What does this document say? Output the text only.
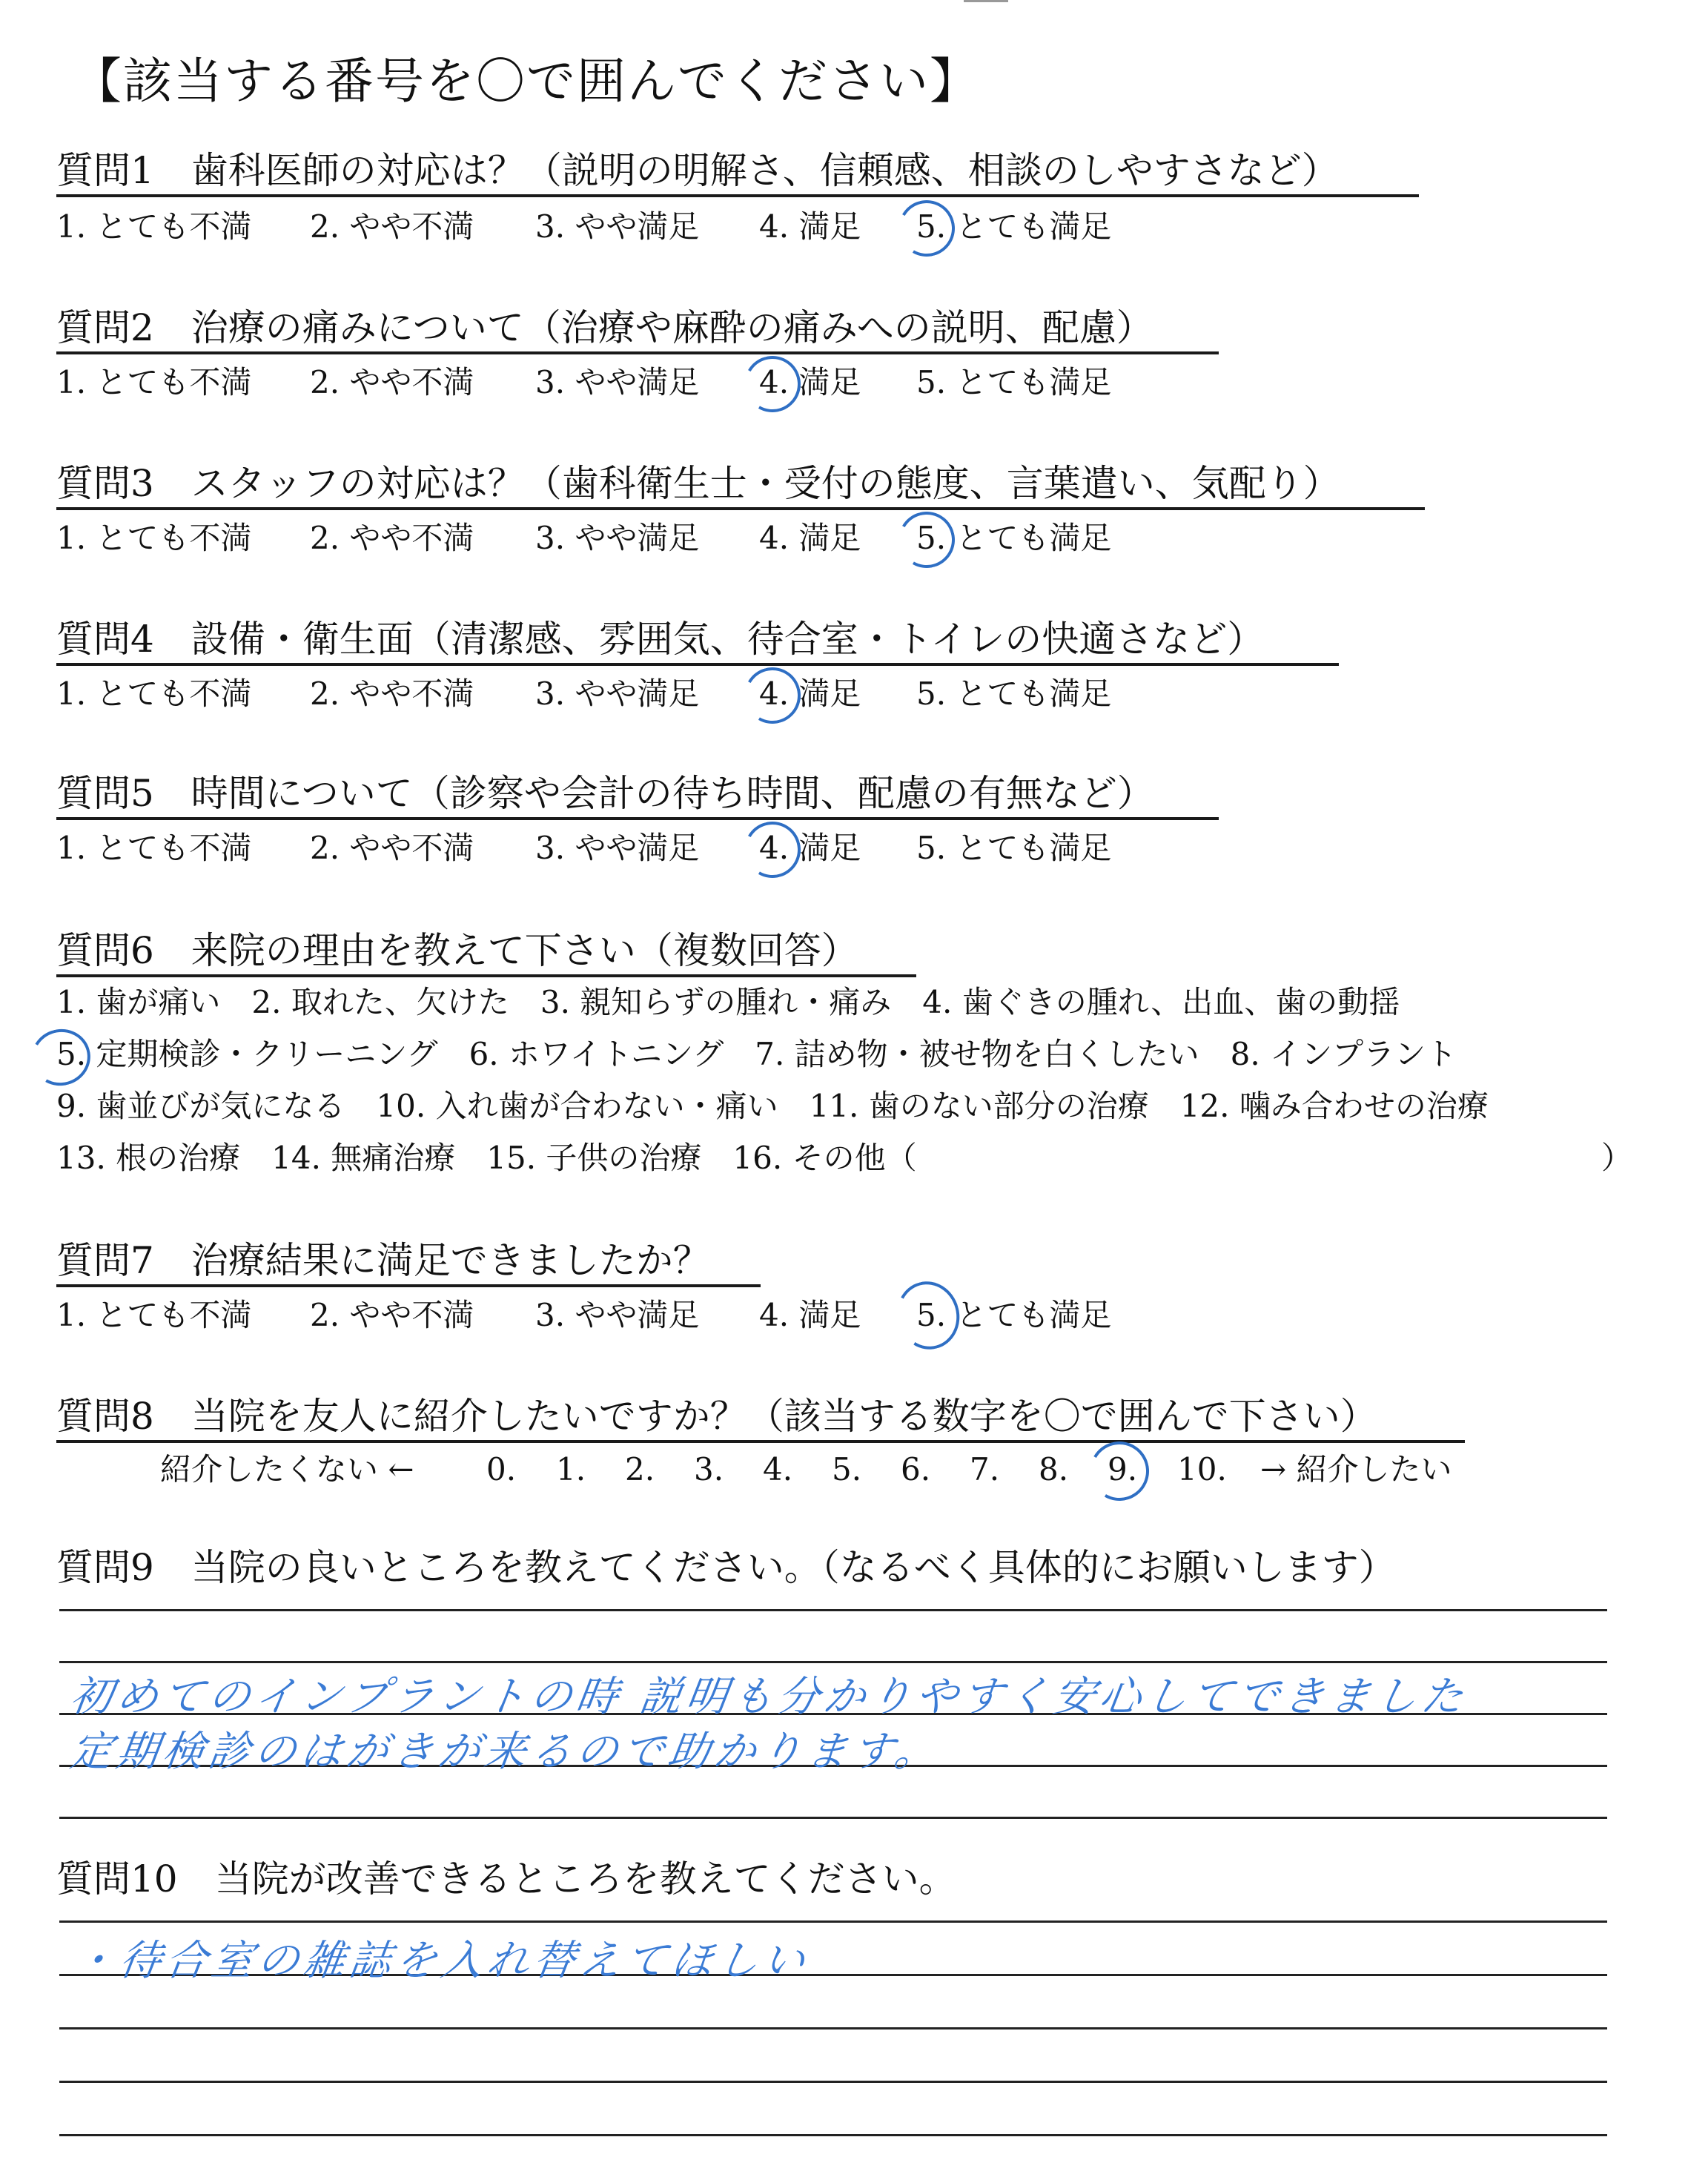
【該当する番号を〇で囲んでください】
質問1　歯科医師の対応は？（説明の明解さ、信頼感、相談のしやすさなど）
1. とても不満 2. やや不満 3. やや満足 4. 満足 5. とても満足
質問2　治療の痛みについて（治療や麻酔の痛みへの説明、配慮）
1. とても不満 2. やや不満 3. やや満足 4. 満足 5. とても満足
質問3　スタッフの対応は？（歯科衛生士・受付の態度、言葉遣い、気配り）
1. とても不満 2. やや不満 3. やや満足 4. 満足 5. とても満足
質問4　設備・衛生面（清潔感、雰囲気、待合室・トイレの快適さなど）
1. とても不満 2. やや不満 3. やや満足 4. 満足 5. とても満足
質問5　時間について（診察や会計の待ち時間、配慮の有無など）
1. とても不満 2. やや不満 3. やや満足 4. 満足 5. とても満足
質問6　来院の理由を教えて下さい（複数回答）
1. 歯が痛い　2. 取れた、欠けた　3. 親知らずの腫れ・痛み　4. 歯ぐきの腫れ、出血、歯の動揺
5. 定期検診・クリーニング　6. ホワイトニング　7. 詰め物・被せ物を白くしたい　8. インプラント
9. 歯並びが気になる　10. 入れ歯が合わない・痛い　11. 歯のない部分の治療　12. 噛み合わせの治療
13. 根の治療　14. 無痛治療　15. 子供の治療　16. その他（	）
質問7　治療結果に満足できましたか？
1. とても不満 2. やや不満 3. やや満足 4. 満足 5. とても満足
質問8　当院を友人に紹介したいですか？（該当する数字を〇で囲んで下さい）
紹介したくない ← 0. 1. 2. 3. 4. 5. 6. 7. 8. 9. 10. → 紹介したい
質問9　当院の良いところを教えてください。（なるべく具体的にお願いします）
初めてのインプラントの時 説明も分かりやすく安心してできました
定期検診のはがきが来るので助かります。
質問10　当院が改善できるところを教えてください。
・待合室の雑誌を入れ替えてほしい
